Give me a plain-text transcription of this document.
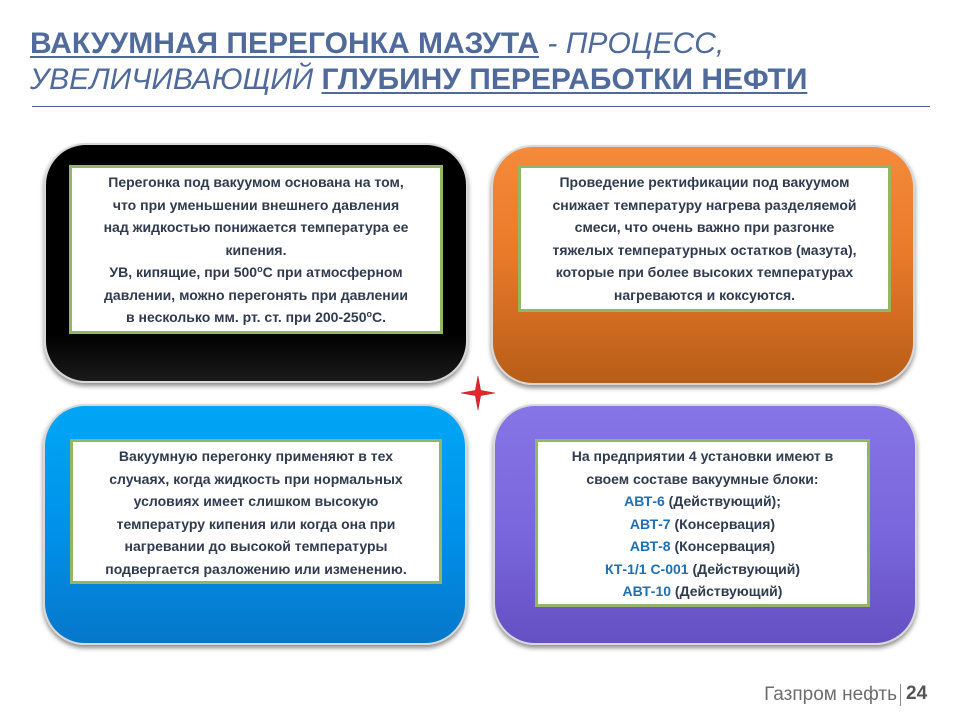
ВАКУУМНАЯ ПЕРЕГОНКА МАЗУТА - ПРОЦЕСС,
УВЕЛИЧИВАЮЩИЙ ГЛУБИНУ ПЕРЕРАБОТКИ НЕФТИ

Перегонка под вакуумом основана на том,

что при уменьшении внешнего давления

над жидкостью понижается температура ее

кипения.

УВ, кипящие, при $500^оС$ при атмосферном

давлении, можно перегонять при давлении

в несколько мм. рт. ст. при $200-250^оС$.

Проведение ректификации под вакуумом

снижает температуру нагрева разделяемой

смеси, что очень важно при разгонке

тяжелых температурных остатков (мазута),

которые при более высоких температурах

нагреваются и коксуются.

Вакуумную перегонку применяют в тех

случаях, когда жидкость при нормальных

условиях имеет слишком высокую

температуру кипения или когда она при

нагревании до высокой температуры

подвергается разложению или изменению.

На предприятии 4 установки имеют в

своем составе вакуумные блоки:

АВТ-6 (Действующий);

АВТ-7 (Консервация)

АВТ-8 (Консервация)

КТ-1/1 С-001 (Действующий)

АВТ-10 (Действующий)

Газпром нефть 24
